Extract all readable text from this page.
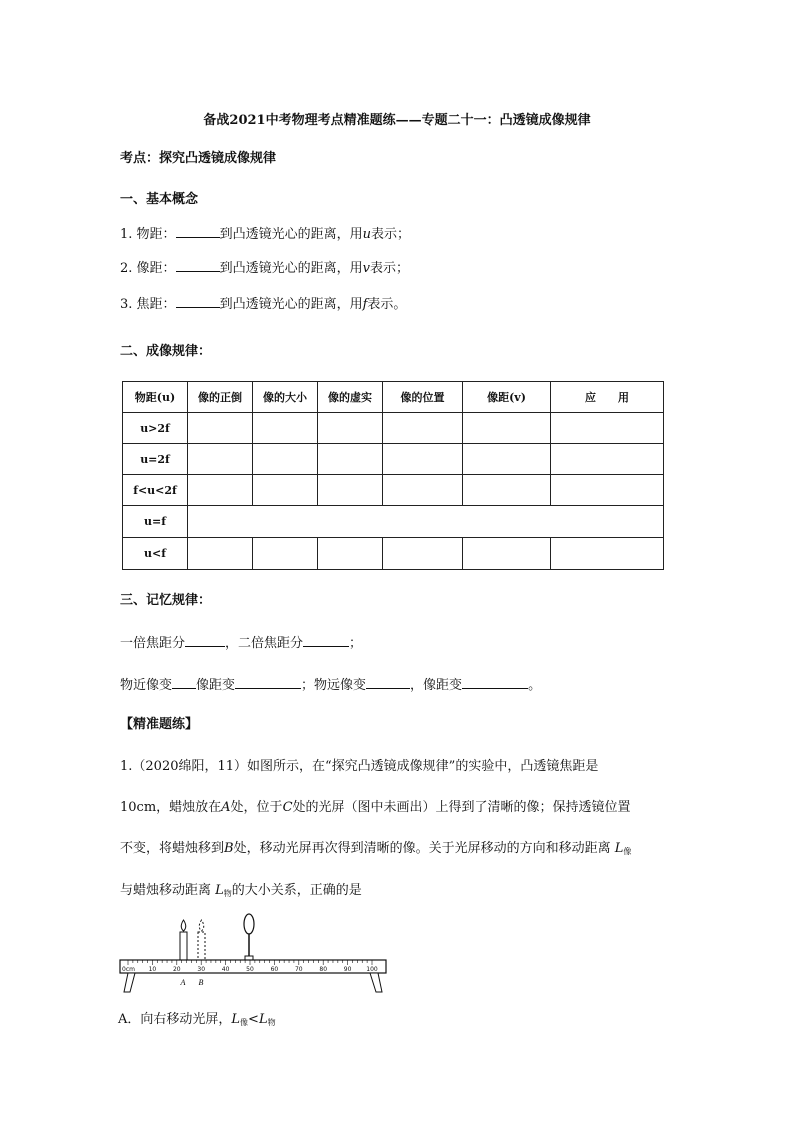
备战2021中考物理考点精准题练——专题二十一：凸透镜成像规律
考点：探究凸透镜成像规律
一、基本概念
1. 物距：	到凸透镜光心的距离，用u表示；
2. 像距：	到凸透镜光心的距离，用v表示；
3. 焦距：	到凸透镜光心的距离，用f表示。
二、成像规律：
物距(u)	像的正倒	像的大小	像的虚实	像的位置	像距(v)	应　　用
u>2f						
u=2f						
f<u<2f						
u=f						
u<f						
三、记忆规律：
一倍焦距分	，二倍焦距分	；
物近像变 像距变	；物远像变	，像距变	。
【精准题练】
1.（2020绵阳，11）如图所示，在“探究凸透镜成像规律”的实验中，凸透镜焦距是
10cm，蜡烛放在A处，位于C处的光屏（图中未画出）上得到了清晰的像；保持透镜位置
不变，将蜡烛移到B处，移动光屏再次得到清晰的像。关于光屏移动的方向和移动距离 $L_像$
与蜡烛移动距离 $L_物$的大小关系，正确的是
0cm 10	20	30	40	50	60	70	80	90 100
A B
A．向右移动光屏，$L_像<L_物$
